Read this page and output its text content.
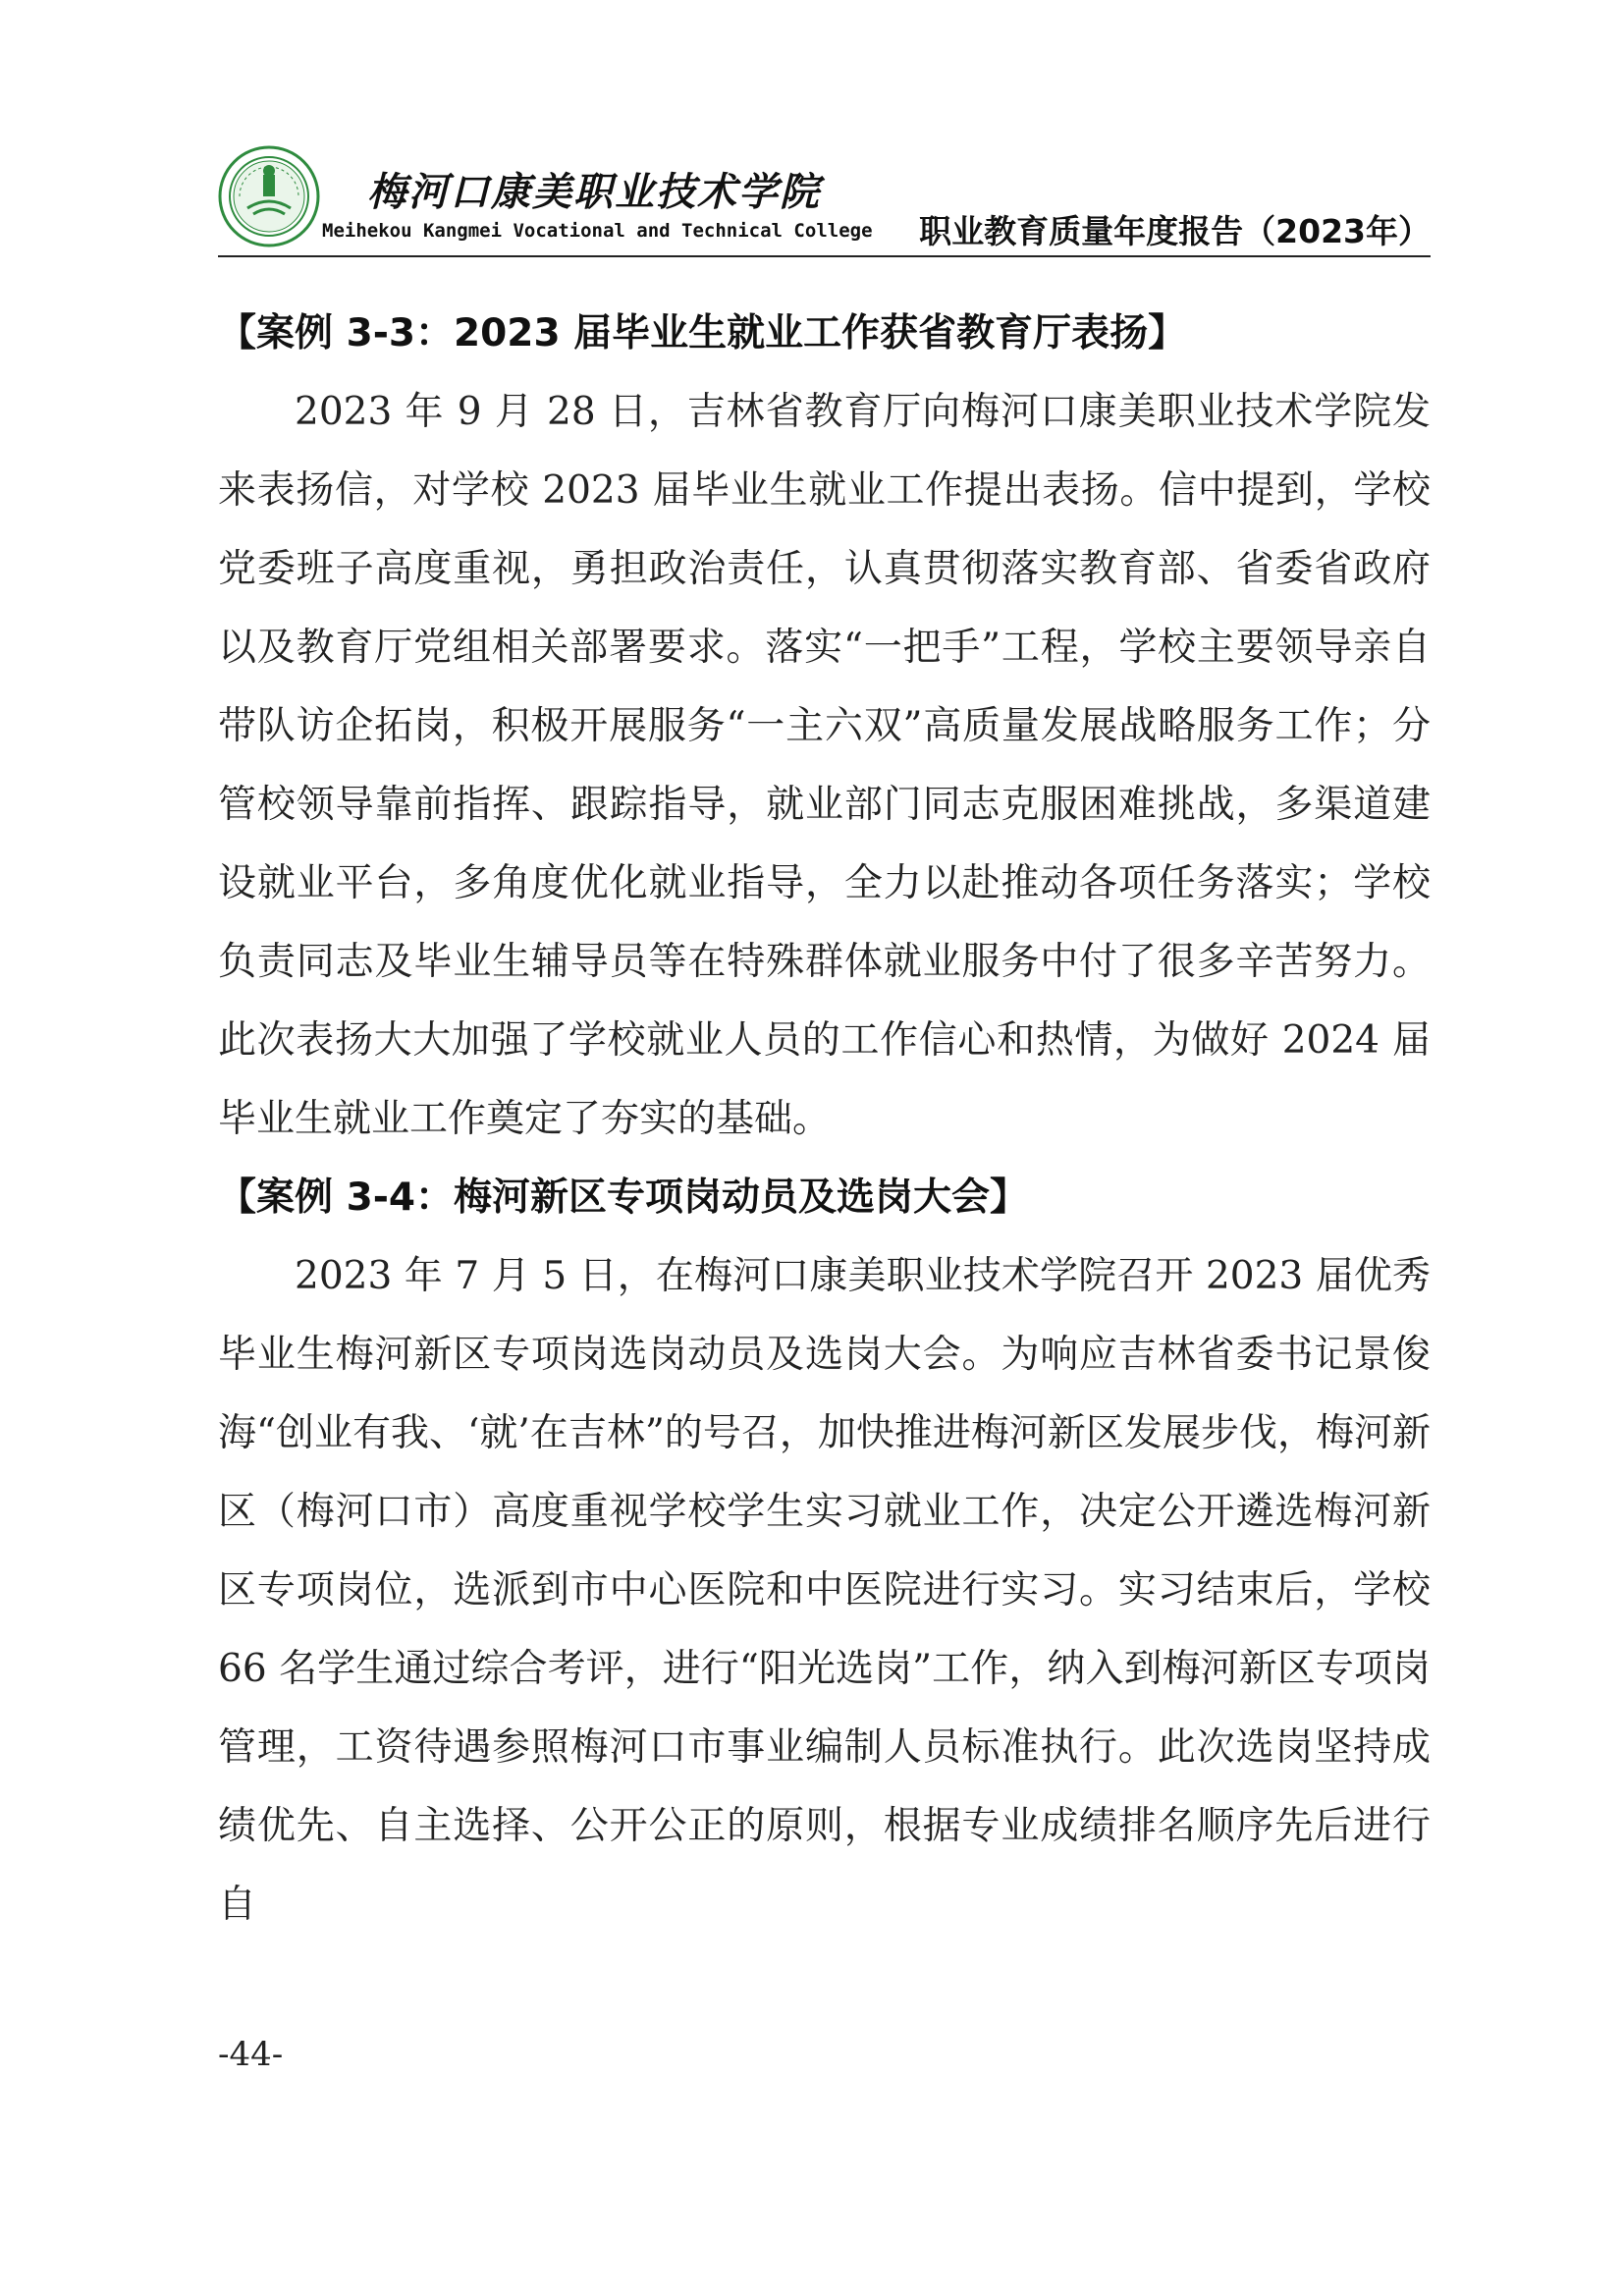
梅河口康美职业技术学院
Meihekou Kangmei Vocational and Technical College 职业教育质量年度报告（2023年）

【案例 3-3：2023 届毕业生就业工作获省教育厅表扬】

2023 年 9 月 28 日，吉林省教育厅向梅河口康美职业技术学院发来表扬信，对学校 2023 届毕业生就业工作提出表扬。信中提到，学校党委班子高度重视，勇担政治责任，认真贯彻落实教育部、省委省政府以及教育厅党组相关部署要求。落实“一把手”工程，学校主要领导亲自带队访企拓岗，积极开展服务“一主六双”高质量发展战略服务工作；分管校领导靠前指挥、跟踪指导，就业部门同志克服困难挑战，多渠道建设就业平台，多角度优化就业指导，全力以赴推动各项任务落实；学校负责同志及毕业生辅导员等在特殊群体就业服务中付了很多辛苦努力。此次表扬大大加强了学校就业人员的工作信心和热情，为做好 2024 届毕业生就业工作奠定了夯实的基础。

【案例 3-4：梅河新区专项岗动员及选岗大会】

2023 年 7 月 5 日，在梅河口康美职业技术学院召开 2023 届优秀毕业生梅河新区专项岗选岗动员及选岗大会。为响应吉林省委书记景俊海“创业有我、‘就’在吉林”的号召，加快推进梅河新区发展步伐，梅河新区（梅河口市）高度重视学校学生实习就业工作，决定公开遴选梅河新区专项岗位，选派到市中心医院和中医院进行实习。实习结束后，学校 66 名学生通过综合考评，进行“阳光选岗”工作，纳入到梅河新区专项岗管理，工资待遇参照梅河口市事业编制人员标准执行。此次选岗坚持成绩优先、自主选择、公开公正的原则，根据专业成绩排名顺序先后进行自

-44-
